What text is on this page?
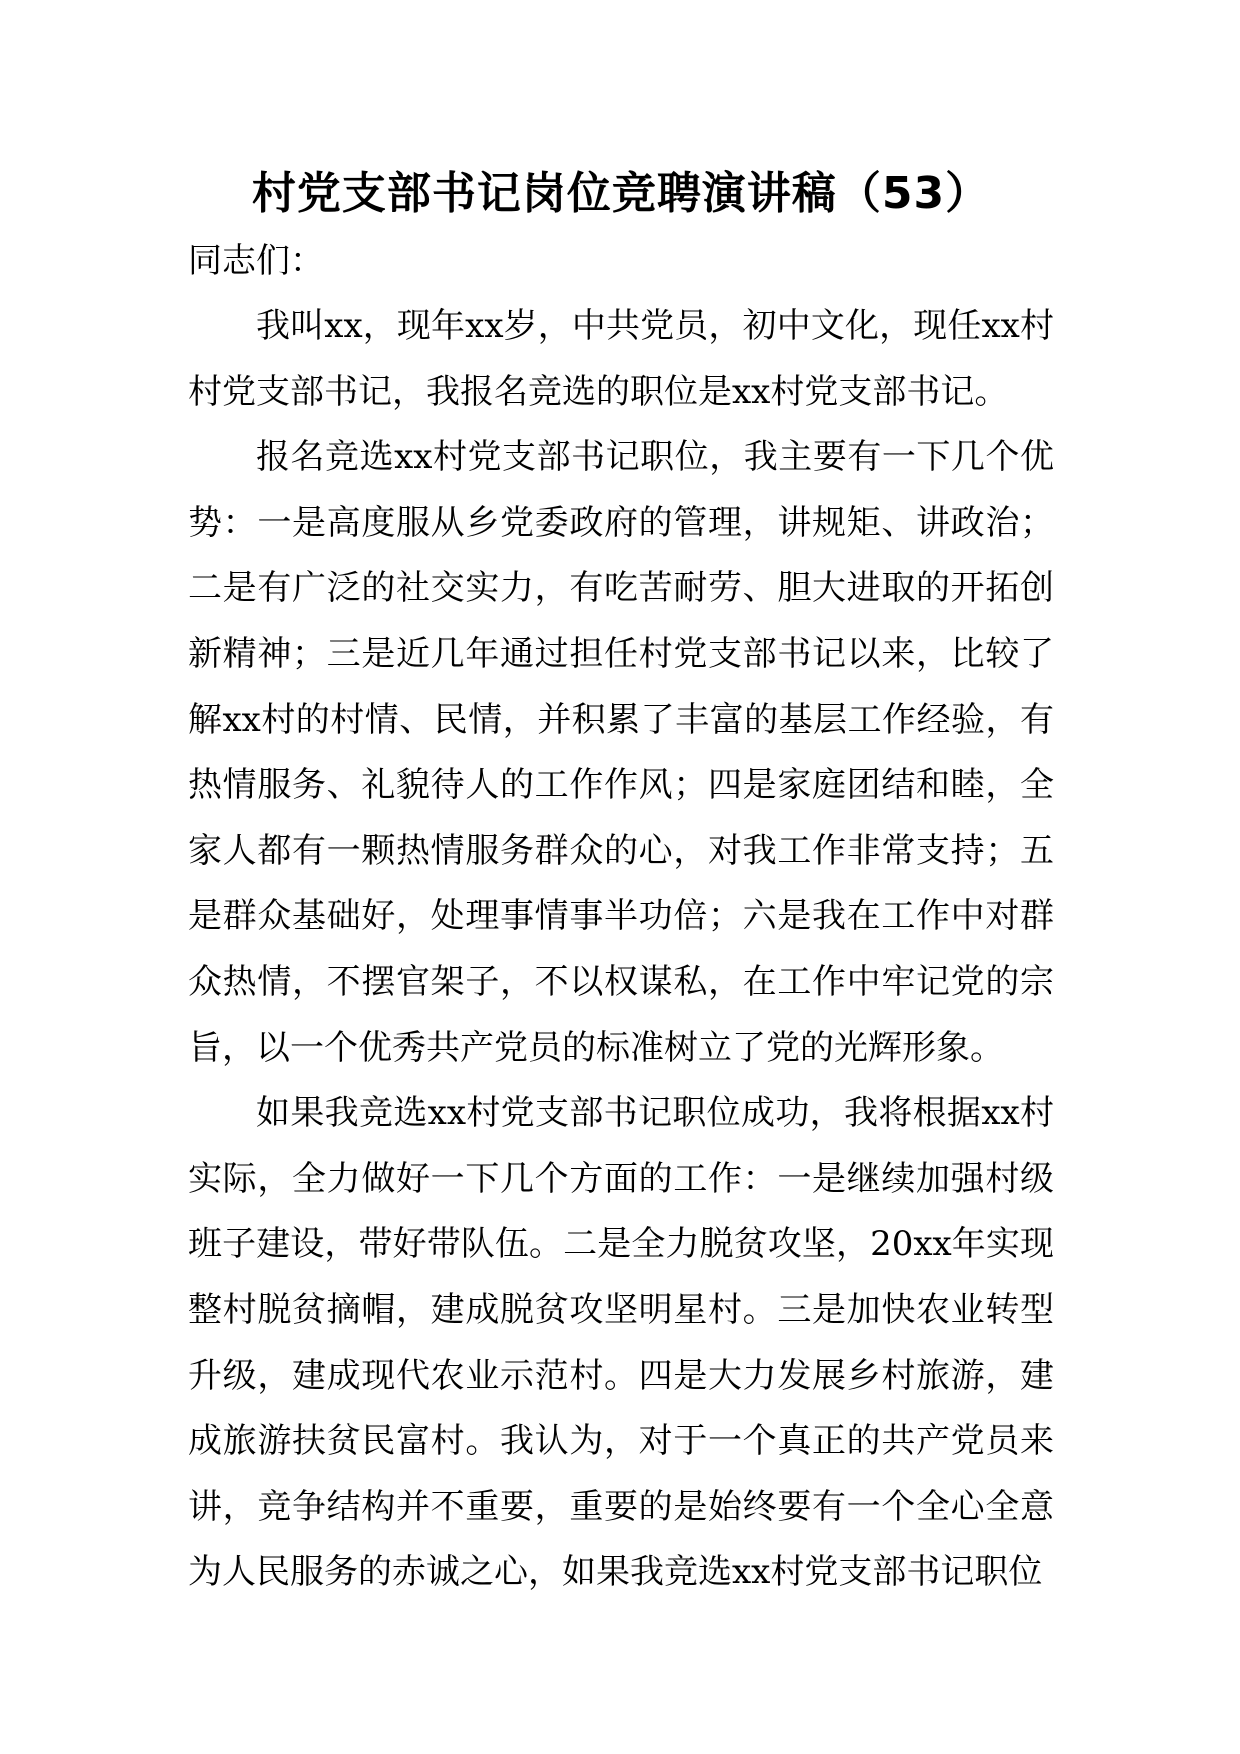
村党支部书记岗位竞聘演讲稿（53）

同志们：

我叫xx，现年xx岁，中共党员，初中文化，现任xx村村党支部书记，我报名竞选的职位是xx村党支部书记。

报名竞选xx村党支部书记职位，我主要有一下几个优势：一是高度服从乡党委政府的管理，讲规矩、讲政治；二是有广泛的社交实力，有吃苦耐劳、胆大进取的开拓创新精神；三是近几年通过担任村党支部书记以来，比较了解xx村的村情、民情，并积累了丰富的基层工作经验，有热情服务、礼貌待人的工作作风；四是家庭团结和睦，全家人都有一颗热情服务群众的心，对我工作非常支持；五是群众基础好，处理事情事半功倍；六是我在工作中对群众热情，不摆官架子，不以权谋私，在工作中牢记党的宗旨，以一个优秀共产党员的标准树立了党的光辉形象。

如果我竞选xx村党支部书记职位成功，我将根据xx村实际，全力做好一下几个方面的工作：一是继续加强村级班子建设，带好带队伍。二是全力脱贫攻坚，20xx年实现整村脱贫摘帽，建成脱贫攻坚明星村。三是加快农业转型升级，建成现代农业示范村。四是大力发展乡村旅游，建成旅游扶贫民富村。我认为，对于一个真正的共产党员来讲，竞争结构并不重要，重要的是始终要有一个全心全意为人民服务的赤诚之心，如果我竞选xx村党支部书记职位
